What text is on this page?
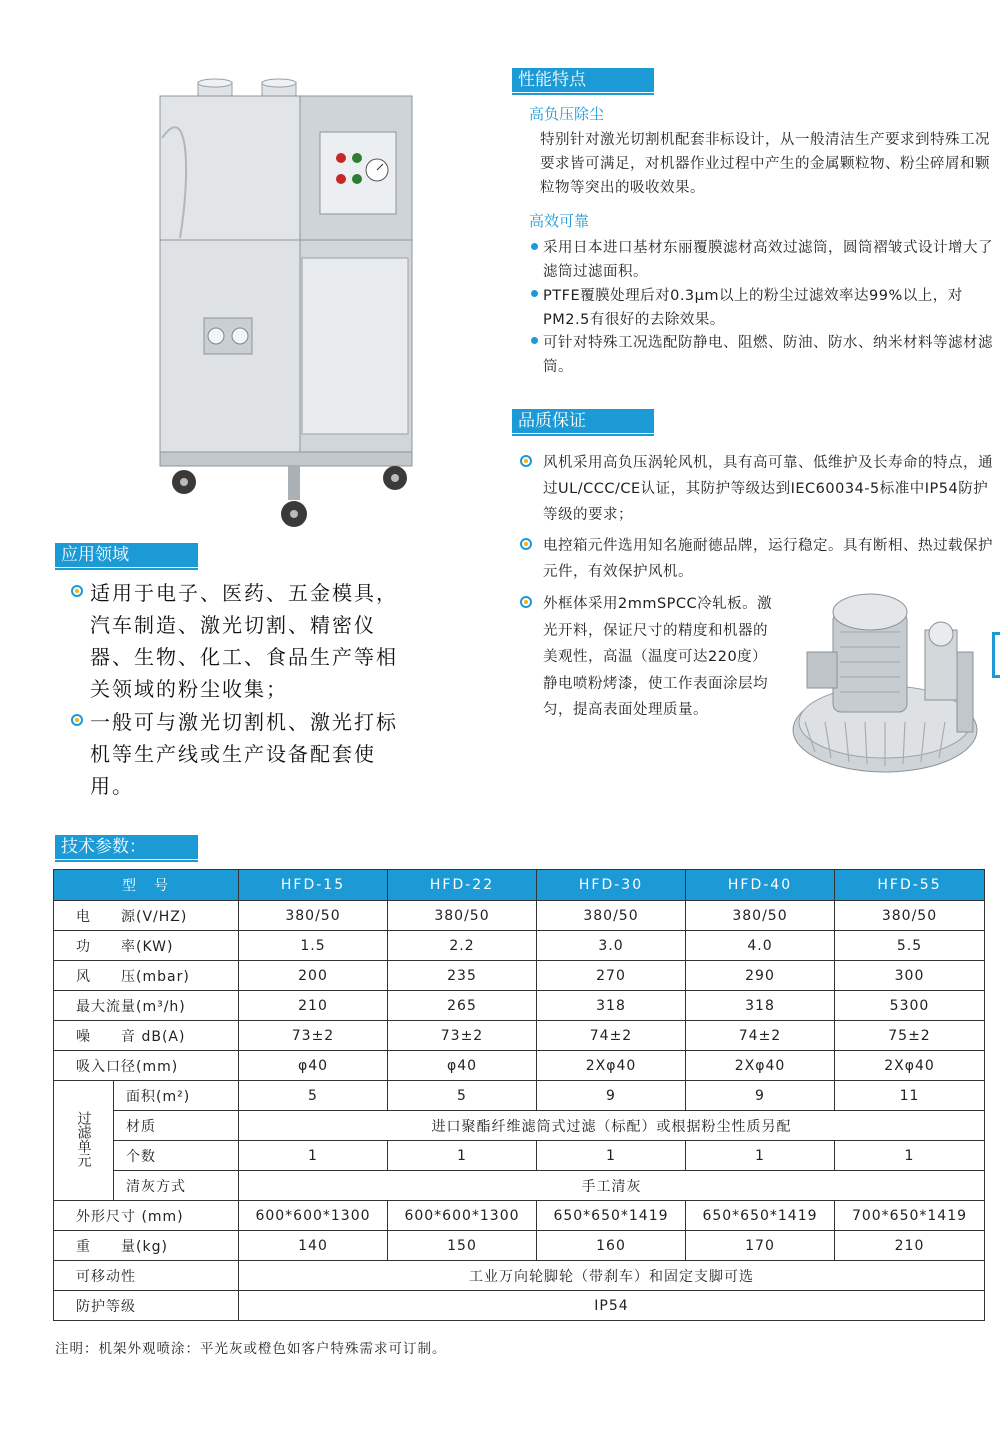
性能特点
高负压除尘
特别针对激光切割机配套非标设计，从一般清洁生产要求到特殊工况要求皆可满足，对机器作业过程中产生的金属颗粒物、粉尘碎屑和颗粒物等突出的吸收效果。
高效可靠
采用日本进口基材东丽覆膜滤材高效过滤筒，圆筒褶皱式设计增大了滤筒过滤面积。
PTFE覆膜处理后对0.3μm以上的粉尘过滤效率达99%以上，对PM2.5有很好的去除效果。
可针对特殊工况选配防静电、阻燃、防油、防水、纳米材料等滤材滤筒。
品质保证
风机采用高负压涡轮风机，具有高可靠、低维护及长寿命的特点，通过UL/CCC/CE认证，其防护等级达到IEC60034-5标准中IP54防护等级的要求；
电控箱元件选用知名施耐德品牌，运行稳定。具有断相、热过载保护元件，有效保护风机。
外框体采用2mmSPCC冷轧板。激光开料，保证尺寸的精度和机器的美观性，高温（温度可达220度）静电喷粉烤漆，使工作表面涂层均匀，提高表面处理质量。
应用领域
适用于电子、医药、五金模具，汽车制造、激光切割、精密仪器、生物、化工、食品生产等相关领域的粉尘收集；
一般可与激光切割机、激光打标机等生产线或生产设备配套使用。
技术参数：
型　号		HFD-15	HFD-22	HFD-30	HFD-40	HFD-55
电　　源(V/HZ)		380/50	380/50	380/50	380/50	380/50
功　　率(KW)		1.5	2.2	3.0	4.0	5.5
风　　压(mbar)		200	235	270	290	300
最大流量(m³/h)		210	265	318	318	5300
噪　　音 dB(A)		73±2	73±2	74±2	74±2	75±2
吸入口径(mm)		φ40	φ40	2Xφ40	2Xφ40	2Xφ40
过滤单元	面积(m²)	5	5	9	9	11
	材质	进口聚酯纤维滤筒式过滤（标配）或根据粉尘性质另配				
	个数	1	1	1	1	1
	清灰方式	手工清灰				
外形尺寸 (mm)		600*600*1300	600*600*1300	650*650*1419	650*650*1419	700*650*1419
重　　量(kg)		140	150	160	170	210
可移动性		工业万向轮脚轮（带刹车）和固定支脚可选				
防护等级		IP54				
注明：机架外观喷涂：平光灰或橙色如客户特殊需求可订制。
